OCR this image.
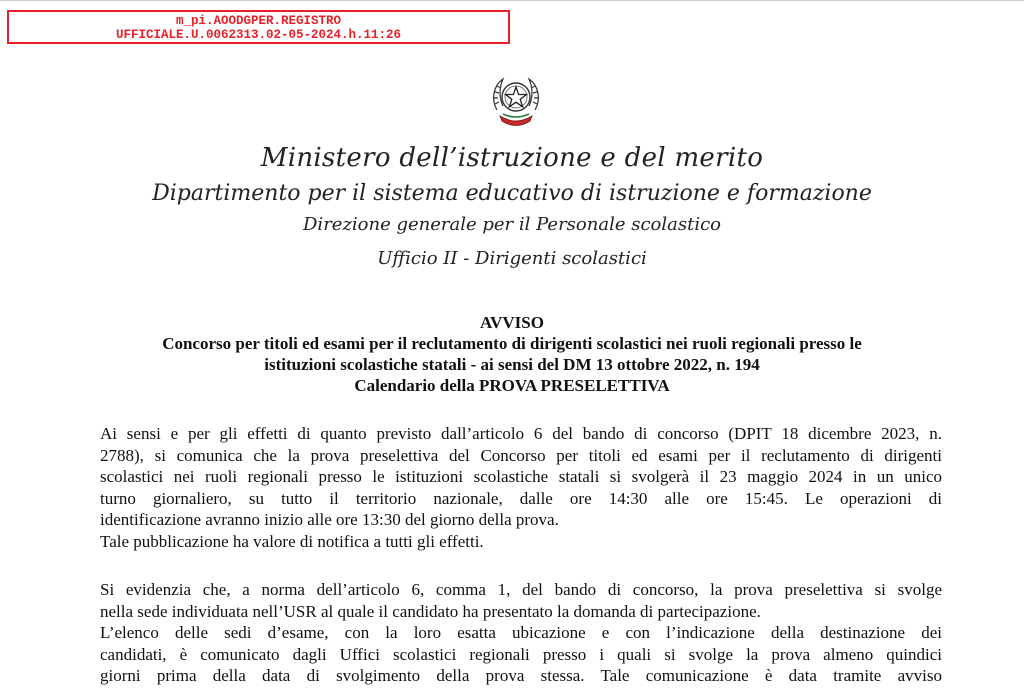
m_pi.AOODGPER.REGISTRO
UFFICIALE.U.0062313.02-05-2024.h.11:26
Ministero dell’istruzione e del merito
Dipartimento per il sistema educativo di istruzione e formazione
Direzione generale per il Personale scolastico
Ufficio II - Dirigenti scolastici
AVVISO
Concorso per titoli ed esami per il reclutamento di dirigenti scolastici nei ruoli regionali presso le
istituzioni scolastiche statali - ai sensi del DM 13 ottobre 2022, n. 194
Calendario della PROVA PRESELETTIVA
Ai sensi e per gli effetti di quanto previsto dall’articolo 6 del bando di concorso (DPIT 18 dicembre 2023, n.
2788), si comunica che la prova preselettiva del Concorso per titoli ed esami per il reclutamento di dirigenti
scolastici nei ruoli regionali presso le istituzioni scolastiche statali si svolgerà il 23 maggio 2024 in un unico
turno giornaliero, su tutto il territorio nazionale, dalle ore 14:30 alle ore 15:45. Le operazioni di
identificazione avranno inizio alle ore 13:30 del giorno della prova.
Tale pubblicazione ha valore di notifica a tutti gli effetti.
Si evidenzia che, a norma dell’articolo 6, comma 1, del bando di concorso, la prova preselettiva si svolge
nella sede individuata nell’USR al quale il candidato ha presentato la domanda di partecipazione.
L’elenco delle sedi d’esame, con la loro esatta ubicazione e con l’indicazione della destinazione dei
candidati, è comunicato dagli Uffici scolastici regionali presso i quali si svolge la prova almeno quindici
giorni prima della data di svolgimento della prova stessa. Tale comunicazione è data tramite avviso
